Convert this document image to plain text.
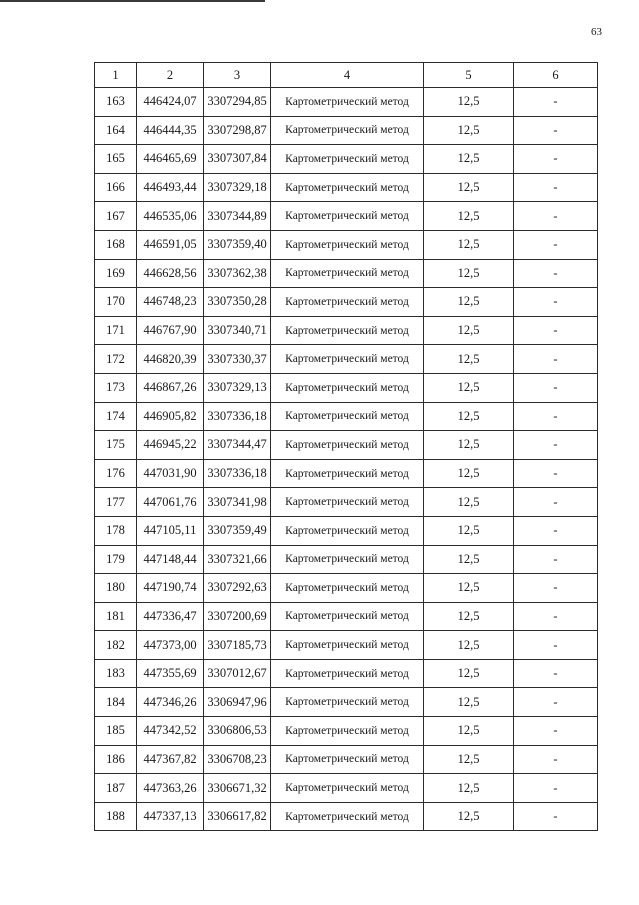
63
1	2	3	4	5	6
163	446424,07	3307294,85	Картометрический метод	12,5	-
164	446444,35	3307298,87	Картометрический метод	12,5	-
165	446465,69	3307307,84	Картометрический метод	12,5	-
166	446493,44	3307329,18	Картометрический метод	12,5	-
167	446535,06	3307344,89	Картометрический метод	12,5	-
168	446591,05	3307359,40	Картометрический метод	12,5	-
169	446628,56	3307362,38	Картометрический метод	12,5	-
170	446748,23	3307350,28	Картометрический метод	12,5	-
171	446767,90	3307340,71	Картометрический метод	12,5	-
172	446820,39	3307330,37	Картометрический метод	12,5	-
173	446867,26	3307329,13	Картометрический метод	12,5	-
174	446905,82	3307336,18	Картометрический метод	12,5	-
175	446945,22	3307344,47	Картометрический метод	12,5	-
176	447031,90	3307336,18	Картометрический метод	12,5	-
177	447061,76	3307341,98	Картометрический метод	12,5	-
178	447105,11	3307359,49	Картометрический метод	12,5	-
179	447148,44	3307321,66	Картометрический метод	12,5	-
180	447190,74	3307292,63	Картометрический метод	12,5	-
181	447336,47	3307200,69	Картометрический метод	12,5	-
182	447373,00	3307185,73	Картометрический метод	12,5	-
183	447355,69	3307012,67	Картометрический метод	12,5	-
184	447346,26	3306947,96	Картометрический метод	12,5	-
185	447342,52	3306806,53	Картометрический метод	12,5	-
186	447367,82	3306708,23	Картометрический метод	12,5	-
187	447363,26	3306671,32	Картометрический метод	12,5	-
188	447337,13	3306617,82	Картометрический метод	12,5	-
